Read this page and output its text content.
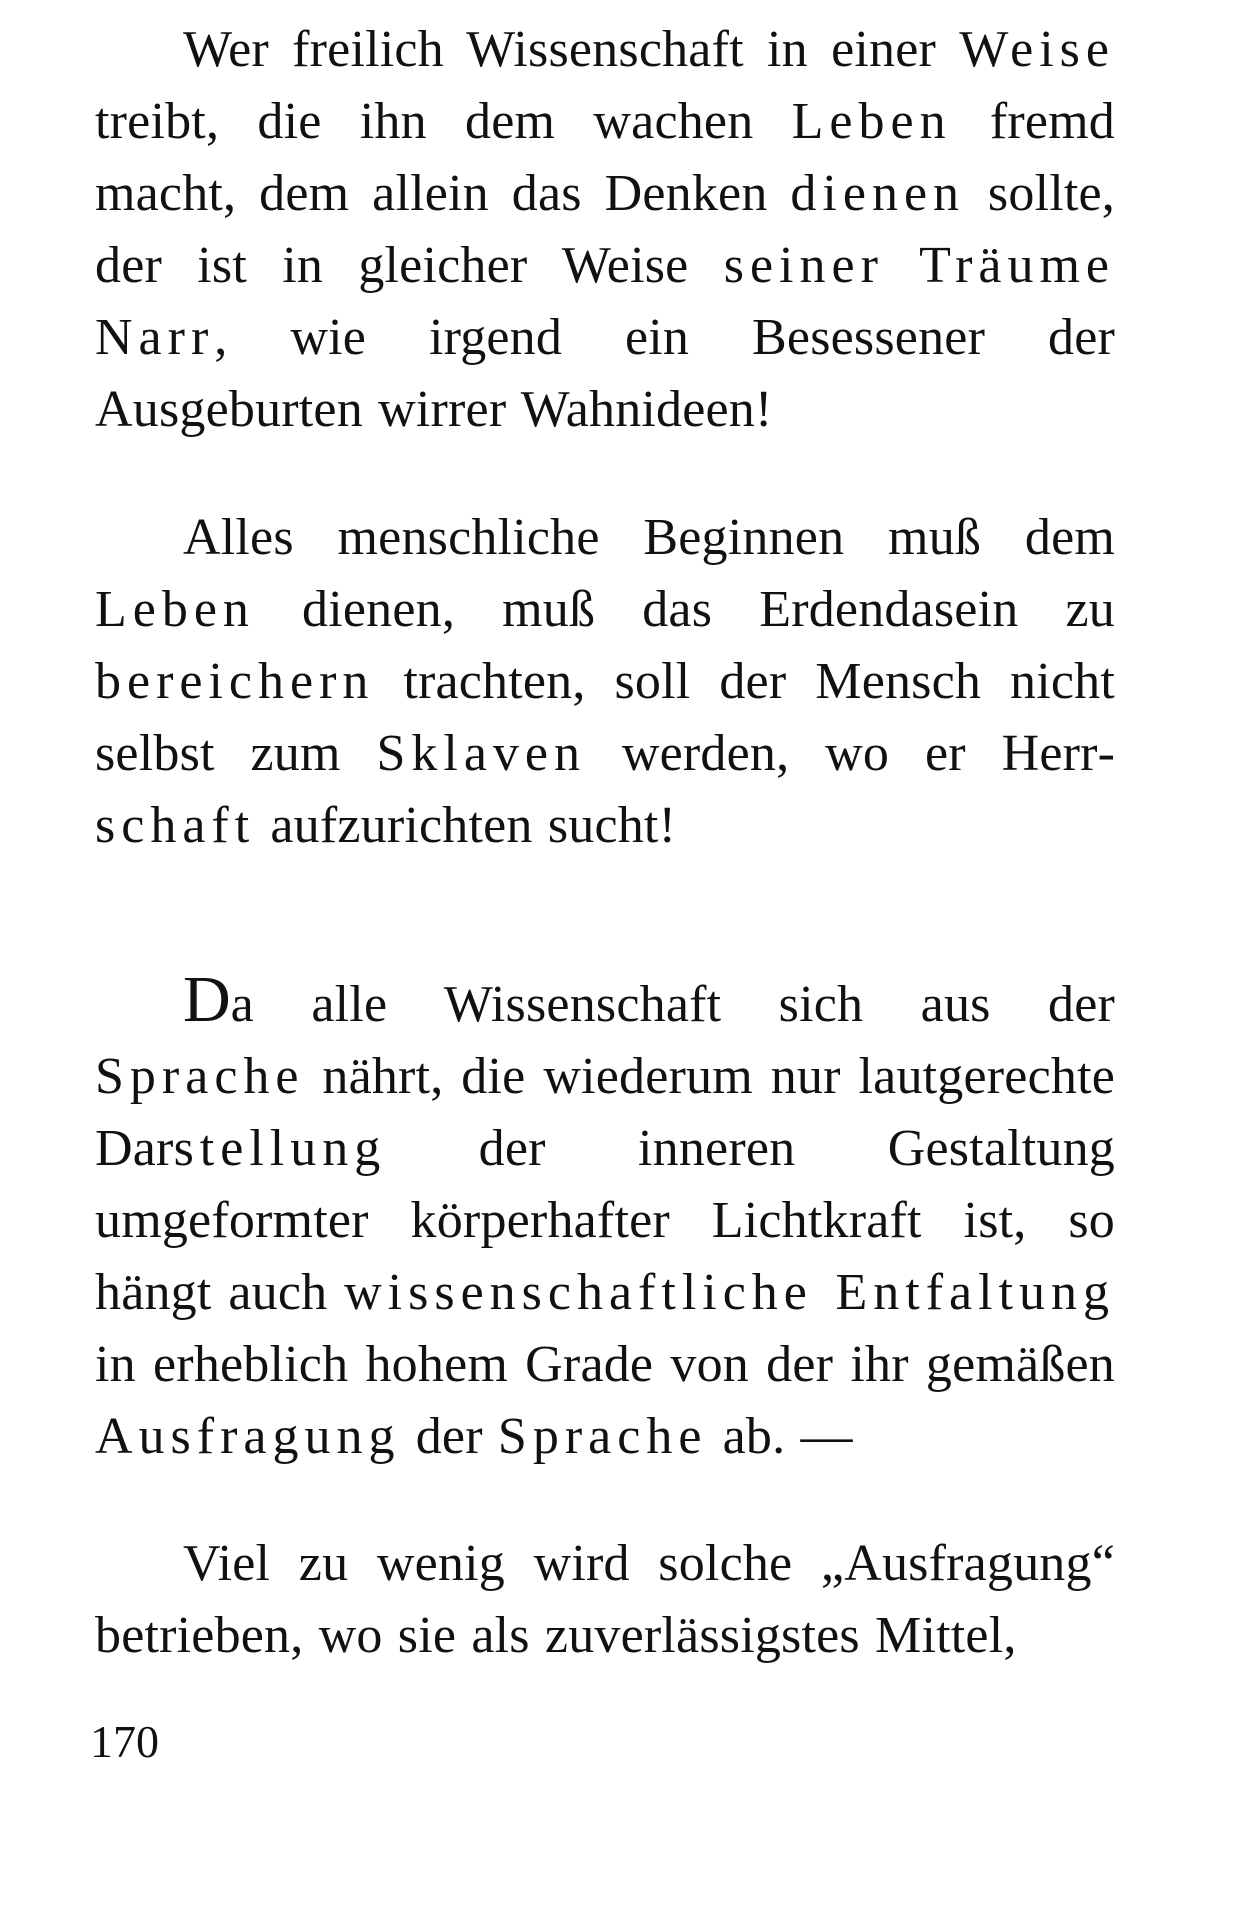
Wer freilich Wissenschaft in einer Weise treibt, die ihn dem wachen Leben fremd macht, dem allein das Denken dienen sollte, der ist in gleicher Weise seiner Träume Narr, wie irgend ein Besessener der Ausgeburten wirrer Wahnideen!

Alles menschliche Beginnen muß dem Leben dienen, muß das Erdendasein zu bereichern trachten, soll der Mensch nicht selbst zum Sklaven werden, wo er Herrschaft aufzurichten sucht!

Da alle Wissenschaft sich aus der Sprache nährt, die wiederum nur lautgerechte Darstellung der inneren Gestaltung umgeformter körperhafter Lichtkraft ist, so hängt auch wissenschaftliche Entfaltung in erheblich hohem Grade von der ihr gemäßen Ausfragung der Sprache ab. —

Viel zu wenig wird solche „Ausfragung“ betrieben, wo sie als zuverlässigstes Mittel,

170
